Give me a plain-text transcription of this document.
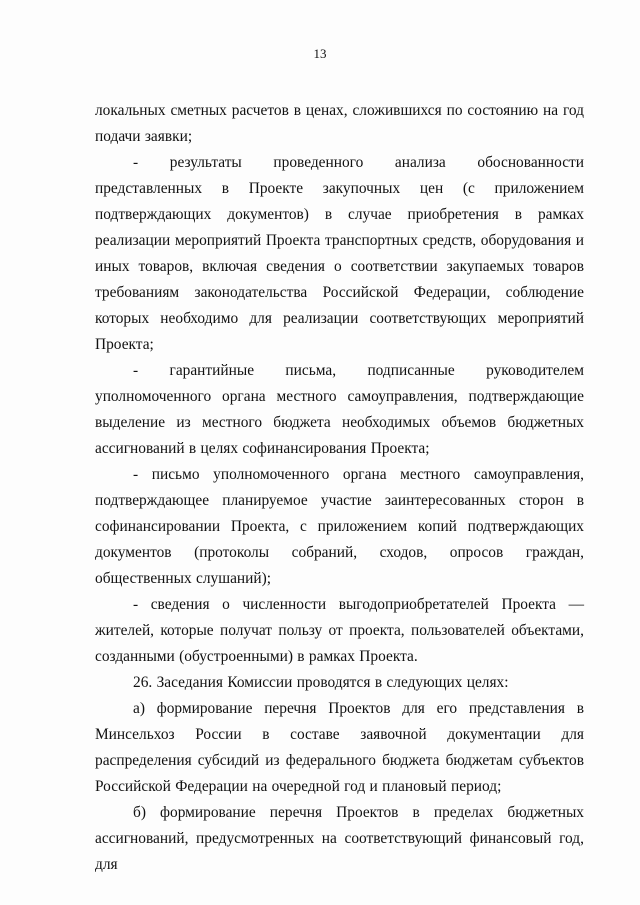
13

локальных сметных расчетов в ценах, сложившихся по состоянию на год подачи заявки;

- результаты проведенного анализа обоснованности представленных в Проекте закупочных цен (с приложением подтверждающих документов) в случае приобретения в рамках реализации мероприятий Проекта транспортных средств, оборудования и иных товаров, включая сведения о соответствии закупаемых товаров требованиям законодательства Российской Федерации, соблюдение которых необходимо для реализации соответствующих мероприятий Проекта;

- гарантийные письма, подписанные руководителем уполномоченного органа местного самоуправления, подтверждающие выделение из местного бюджета необходимых объемов бюджетных ассигнований в целях софинансирования Проекта;

- письмо уполномоченного органа местного самоуправления, подтверждающее планируемое участие заинтересованных сторон в софинансировании Проекта, с приложением копий подтверждающих документов (протоколы собраний, сходов, опросов граждан, общественных слушаний);

- сведения о численности выгодоприобретателей Проекта — жителей, которые получат пользу от проекта, пользователей объектами, созданными (обустроенными) в рамках Проекта.

26. Заседания Комиссии проводятся в следующих целях:

а) формирование перечня Проектов для его представления в Минсельхоз России в составе заявочной документации для распределения субсидий из федерального бюджета бюджетам субъектов Российской Федерации на очередной год и плановый период;

б) формирование перечня Проектов в пределах бюджетных ассигнований, предусмотренных на соответствующий финансовый год, для
